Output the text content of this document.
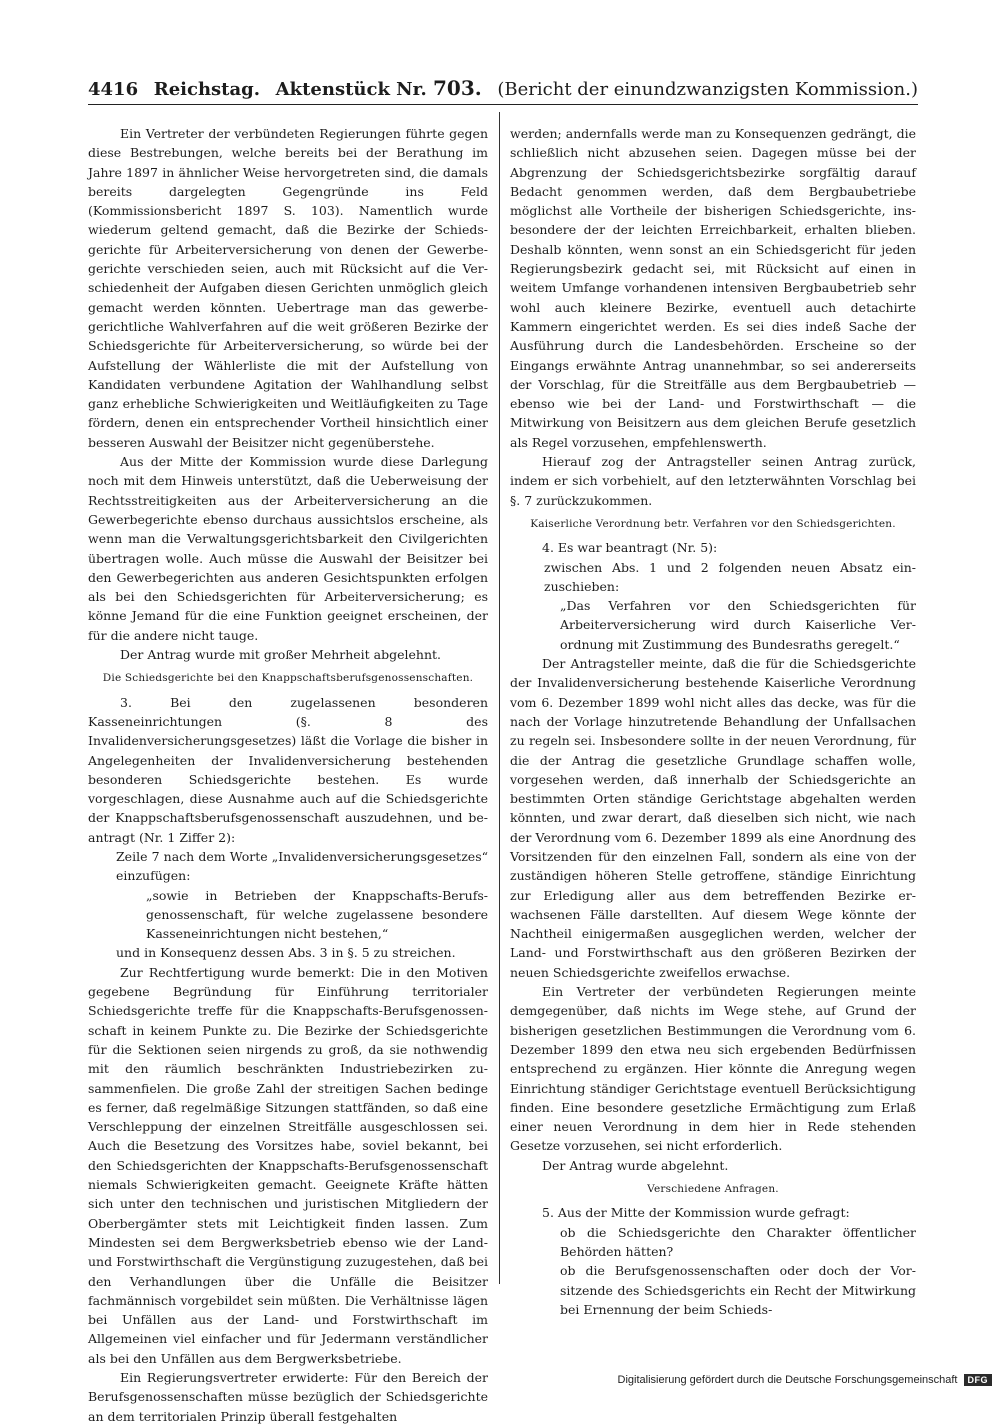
4416 Reichstag. Aktenstück Nr. 703. (Bericht der einundzwanzigsten Kommission.)

Ein Vertreter der verbündeten Regierungen führte gegen diese Bestrebungen, welche bereits bei der Berathung im Jahre 1897 in ähnlicher Weise hervorgetreten sind, die damals bereits dargelegten Gegengründe ins Feld (Kommissionsbericht 1897 S. 103). Namentlich wurde wiederum geltend gemacht, daß die Bezirke der Schiedsgerichte für Arbeiterversicherung von denen der Gewerbegerichte verschieden seien, auch mit Rücksicht auf die Verschiedenheit der Aufgaben diesen Gerichten unmöglich gleich gemacht werden könnten. Uebertrage man das gewerbegerichtliche Wahlverfahren auf die weit größeren Bezirke der Schiedsgerichte für Arbeiterversicherung, so würde bei der Aufstellung der Wählerliste die mit der Aufstellung von Kandidaten verbundene Agitation der Wahlhandlung selbst ganz erhebliche Schwierigkeiten und Weitläufigkeiten zu Tage fördern, denen ein entsprechender Vortheil hinsichtlich einer besseren Auswahl der Beisitzer nicht gegenüberstehe.

Aus der Mitte der Kommission wurde diese Darlegung noch mit dem Hinweis unterstützt, daß die Ueberweisung der Rechtsstreitigkeiten aus der Arbeiterversicherung an die Gewerbegerichte ebenso durchaus aussichtslos erscheine, als wenn man die Verwaltungsgerichtsbarkeit den Civilgerichten übertragen wolle. Auch müsse die Auswahl der Beisitzer bei den Gewerbegerichten aus anderen Gesichtspunkten erfolgen als bei den Schiedsgerichten für Arbeiterversicherung; es könne Jemand für die eine Funktion geeignet erscheinen, der für die andere nicht tauge.

Der Antrag wurde mit großer Mehrheit abgelehnt.

Die Schiedsgerichte bei den Knappschaftsberufsgenossenschaften.

3. Bei den zugelassenen besonderen Kasseneinrichtungen (§. 8 des Invalidenversicherungsgesetzes) läßt die Vorlage die bisher in Angelegenheiten der Invalidenversicherung bestehenden besonderen Schiedsgerichte bestehen. Es wurde vorgeschlagen, diese Ausnahme auch auf die Schiedsgerichte der Knappschaftsberufsgenossenschaft auszudehnen, und beantragt (Nr. 1 Ziffer 2):

Zeile 7 nach dem Worte „Invalidenversicherungsgesetzes“ einzufügen:

„sowie in Betrieben der Knappschafts-Berufsgenossenschaft, für welche zugelassene besondere Kasseneinrichtungen nicht bestehen,“

und in Konsequenz dessen Abs. 3 in §. 5 zu streichen.

Zur Rechtfertigung wurde bemerkt: Die in den Motiven gegebene Begründung für Einführung territorialer Schiedsgerichte treffe für die Knappschafts-Berufsgenossenschaft in keinem Punkte zu. Die Bezirke der Schiedsgerichte für die Sektionen seien nirgends zu groß, da sie nothwendig mit den räumlich beschränkten Industriebezirken zusammenfielen. Die große Zahl der streitigen Sachen bedinge es ferner, daß regelmäßige Sitzungen stattfänden, so daß eine Verschleppung der einzelnen Streitfälle ausgeschlossen sei. Auch die Besetzung des Vorsitzes habe, soviel bekannt, bei den Schiedsgerichten der Knappschafts-Berufsgenossenschaft niemals Schwierigkeiten gemacht. Geeignete Kräfte hätten sich unter den technischen und juristischen Mitgliedern der Oberbergämter stets mit Leichtigkeit finden lassen. Zum Mindesten sei dem Bergwerksbetrieb ebenso wie der Land- und Forstwirthschaft die Vergünstigung zuzugestehen, daß bei den Verhandlungen über die Unfälle die Beisitzer fachmännisch vorgebildet sein müßten. Die Verhältnisse lägen bei Unfällen aus der Land- und Forstwirthschaft im Allgemeinen viel einfacher und für Jedermann verständlicher als bei den Unfällen aus dem Bergwerksbetriebe.

Ein Regierungsvertreter erwiderte: Für den Bereich der Berufsgenossenschaften müsse bezüglich der Schiedsgerichte an dem territorialen Prinzip überall festgehalten

werden; andernfalls werde man zu Konsequenzen gedrängt, die schließlich nicht abzusehen seien. Dagegen müsse bei der Abgrenzung der Schiedsgerichtsbezirke sorgfältig darauf Bedacht genommen werden, daß dem Bergbaubetriebe möglichst alle Vortheile der bisherigen Schiedsgerichte, insbesondere der der leichten Erreichbarkeit, erhalten blieben. Deshalb könnten, wenn sonst an ein Schiedsgericht für jeden Regierungsbezirk gedacht sei, mit Rücksicht auf einen in weitem Umfange vorhandenen intensiven Bergbaubetrieb sehr wohl auch kleinere Bezirke, eventuell auch detachirte Kammern eingerichtet werden. Es sei dies indeß Sache der Ausführung durch die Landesbehörden. Erscheine so der Eingangs erwähnte Antrag unannehmbar, so sei andererseits der Vorschlag, für die Streitfälle aus dem Bergbaubetrieb — ebenso wie bei der Land- und Forstwirthschaft — die Mitwirkung von Beisitzern aus dem gleichen Berufe gesetzlich als Regel vorzusehen, empfehlenswerth.

Hierauf zog der Antragsteller seinen Antrag zurück, indem er sich vorbehielt, auf den letzterwähnten Vorschlag bei §. 7 zurückzukommen.

Kaiserliche Verordnung betr. Verfahren vor den Schiedsgerichten.

4. Es war beantragt (Nr. 5):

zwischen Abs. 1 und 2 folgenden neuen Absatz einzuschieben:

„Das Verfahren vor den Schiedsgerichten für Arbeiterversicherung wird durch Kaiserliche Verordnung mit Zustimmung des Bundesraths geregelt.“

Der Antragsteller meinte, daß die für die Schiedsgerichte der Invalidenversicherung bestehende Kaiserliche Verordnung vom 6. Dezember 1899 wohl nicht alles das decke, was für die nach der Vorlage hinzutretende Behandlung der Unfallsachen zu regeln sei. Insbesondere sollte in der neuen Verordnung, für die der Antrag die gesetzliche Grundlage schaffen wolle, vorgesehen werden, daß innerhalb der Schiedsgerichte an bestimmten Orten ständige Gerichtstage abgehalten werden könnten, und zwar derart, daß dieselben sich nicht, wie nach der Verordnung vom 6. Dezember 1899 als eine Anordnung des Vorsitzenden für den einzelnen Fall, sondern als eine von der zuständigen höheren Stelle getroffene, ständige Einrichtung zur Erledigung aller aus dem betreffenden Bezirke erwachsenen Fälle darstellten. Auf diesem Wege könnte der Nachtheil einigermaßen ausgeglichen werden, welcher der Land- und Forstwirthschaft aus den größeren Bezirken der neuen Schiedsgerichte zweifellos erwachse.

Ein Vertreter der verbündeten Regierungen meinte demgegenüber, daß nichts im Wege stehe, auf Grund der bisherigen gesetzlichen Bestimmungen die Verordnung vom 6. Dezember 1899 den etwa neu sich ergebenden Bedürfnissen entsprechend zu ergänzen. Hier könnte die Anregung wegen Einrichtung ständiger Gerichtstage eventuell Berücksichtigung finden. Eine besondere gesetzliche Ermächtigung zum Erlaß einer neuen Verordnung in dem hier in Rede stehenden Gesetze vorzusehen, sei nicht erforderlich.

Der Antrag wurde abgelehnt.

Verschiedene Anfragen.

5. Aus der Mitte der Kommission wurde gefragt:

ob die Schiedsgerichte den Charakter öffentlicher Behörden hätten?

ob die Berufsgenossenschaften oder doch der Vorsitzende des Schiedsgerichts ein Recht der Mitwirkung bei Ernennung der beim Schieds-

Digitalisierung gefördert durch die Deutsche Forschungsgemeinschaft	DFG
